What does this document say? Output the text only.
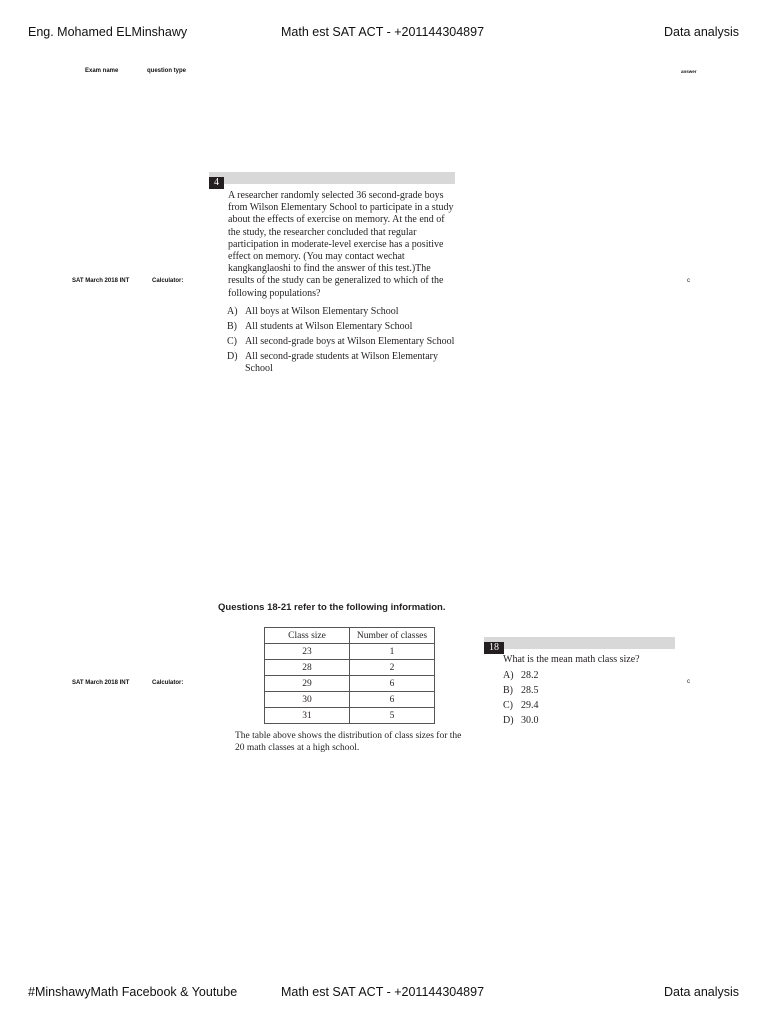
Eng. Mohamed ELMinshawy	Math est SAT ACT - +201144304897	Data analysis
Exam name	question type	answer
SAT March 2018 INT	Calculator:	c
4
A researcher randomly selected 36 second-grade boys from Wilson Elementary School to participate in a study about the effects of exercise on memory. At the end of the study, the researcher concluded that regular participation in moderate-level exercise has a positive effect on memory. (You may contact wechat kangkanglaoshi to find the answer of this test.)The results of the study can be generalized to which of the following populations?
A) All boys at Wilson Elementary School
B) All students at Wilson Elementary School
C) All second-grade boys at Wilson Elementary School
D) All second-grade students at Wilson Elementary School
SAT March 2018 INT	Calculator:	c
Questions 18-21 refer to the following information.
Class size	Number of classes
23	1
28	2
29	6
30	6
31	5
The table above shows the distribution of class sizes for the 20 math classes at a high school.
18
What is the mean math class size?
A) 28.2
B) 28.5
C) 29.4
D) 30.0
#MinshawyMath Facebook & Youtube	Math est SAT ACT - +201144304897	Data analysis
